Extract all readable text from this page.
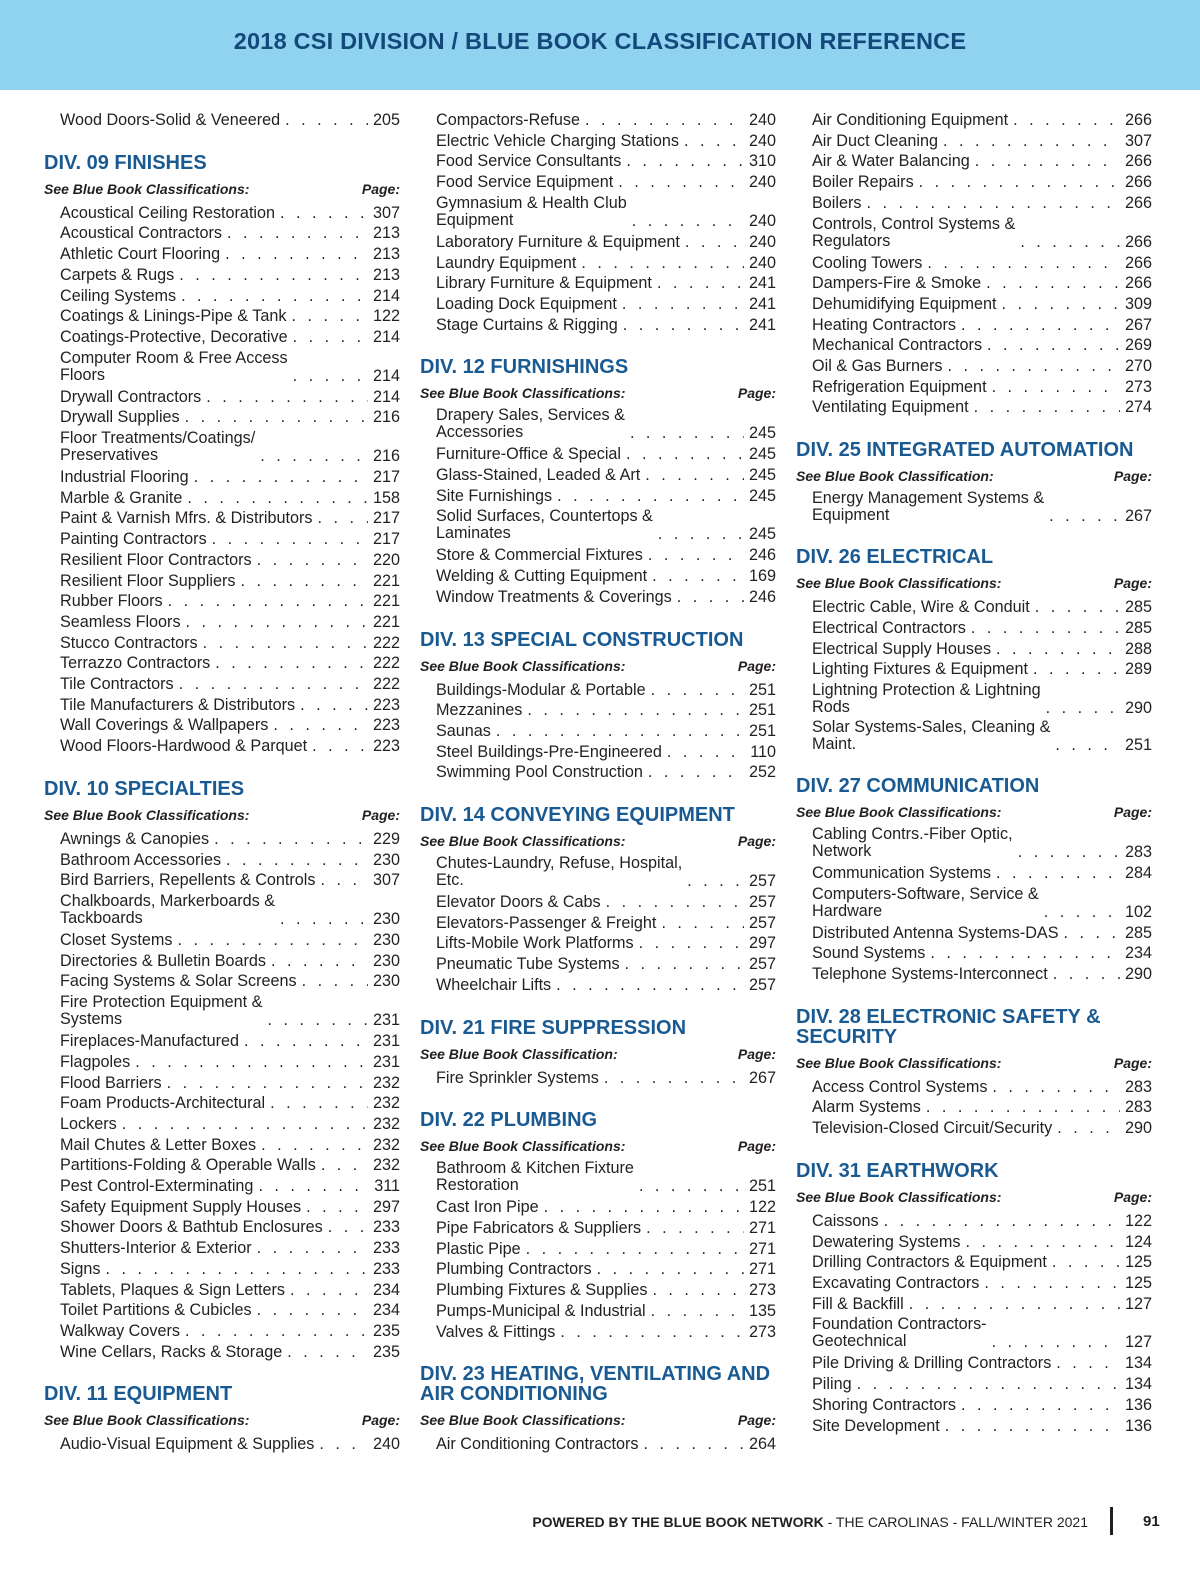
2018 CSI DIVISION / BLUE BOOK CLASSIFICATION REFERENCE
Wood Doors-Solid & Veneered . . .	205
DIV. 09 FINISHES
See Blue Book Classifications:	Page:
Acoustical Ceiling Restoration . . .	307
Acoustical Contractors . . .	213
Athletic Court Flooring . . .	213
Carpets & Rugs . . .	213
Ceiling Systems . . .	214
Coatings & Linings-Pipe & Tank . . .	122
Coatings-Protective, Decorative . . .	214
Computer Room & Free Access
Floors . . .	214
Drywall Contractors . . .	214
Drywall Supplies . . .	216
Floor Treatments/Coatings/
Preservatives . . .	216
Industrial Flooring . . .	217
Marble & Granite . . .	158
Paint & Varnish Mfrs. & Distributors . . .	217
Painting Contractors . . .	217
Resilient Floor Contractors . . .	220
Resilient Floor Suppliers . . .	221
Rubber Floors . . .	221
Seamless Floors . . .	221
Stucco Contractors . . .	222
Terrazzo Contractors . . .	222
Tile Contractors . . .	222
Tile Manufacturers & Distributors . . .	223
Wall Coverings & Wallpapers . . .	223
Wood Floors-Hardwood & Parquet . . .	223
DIV. 10 SPECIALTIES
See Blue Book Classifications:	Page:
Awnings & Canopies . . .	229
Bathroom Accessories . . .	230
Bird Barriers, Repellents & Controls . . .	307
Chalkboards, Markerboards &
Tackboards . . .	230
Closet Systems . . .	230
Directories & Bulletin Boards . . .	230
Facing Systems & Solar Screens . . .	230
Fire Protection Equipment &
Systems . . .	231
Fireplaces-Manufactured . . .	231
Flagpoles . . .	231
Flood Barriers . . .	232
Foam Products-Architectural . . .	232
Lockers . . .	232
Mail Chutes & Letter Boxes . . .	232
Partitions-Folding & Operable Walls . . .	232
Pest Control-Exterminating . . .	311
Safety Equipment Supply Houses . . .	297
Shower Doors & Bathtub Enclosures . . .	233
Shutters-Interior & Exterior . . .	233
Signs . . .	233
Tablets, Plaques & Sign Letters . . .	234
Toilet Partitions & Cubicles . . .	234
Walkway Covers . . .	235
Wine Cellars, Racks & Storage . . .	235
DIV. 11 EQUIPMENT
See Blue Book Classifications:	Page:
Audio-Visual Equipment & Supplies . . .	240
Compactors-Refuse . . .	240
Electric Vehicle Charging Stations . . .	240
Food Service Consultants . . .	310
Food Service Equipment . . .	240
Gymnasium & Health Club
Equipment . . .	240
Laboratory Furniture & Equipment . . .	240
Laundry Equipment . . .	240
Library Furniture & Equipment . . .	241
Loading Dock Equipment . . .	241
Stage Curtains & Rigging . . .	241
DIV. 12 FURNISHINGS
See Blue Book Classifications:	Page:
Drapery Sales, Services &
Accessories . . .	245
Furniture-Office & Special . . .	245
Glass-Stained, Leaded & Art . . .	245
Site Furnishings . . .	245
Solid Surfaces, Countertops &
Laminates . . .	245
Store & Commercial Fixtures . . .	246
Welding & Cutting Equipment . . .	169
Window Treatments & Coverings . . .	246
DIV. 13 SPECIAL CONSTRUCTION
See Blue Book Classifications:	Page:
Buildings-Modular & Portable . . .	251
Mezzanines . . .	251
Saunas . . .	251
Steel Buildings-Pre-Engineered . . .	110
Swimming Pool Construction . . .	252
DIV. 14 CONVEYING EQUIPMENT
See Blue Book Classifications:	Page:
Chutes-Laundry, Refuse, Hospital,
Etc. . . .	257
Elevator Doors & Cabs . . .	257
Elevators-Passenger & Freight . . .	257
Lifts-Mobile Work Platforms . . .	297
Pneumatic Tube Systems . . .	257
Wheelchair Lifts . . .	257
DIV. 21 FIRE SUPPRESSION
See Blue Book Classification:	Page:
Fire Sprinkler Systems . . .	267
DIV. 22 PLUMBING
See Blue Book Classifications:	Page:
Bathroom & Kitchen Fixture
Restoration . . .	251
Cast Iron Pipe . . .	122
Pipe Fabricators & Suppliers . . .	271
Plastic Pipe . . .	271
Plumbing Contractors . . .	271
Plumbing Fixtures & Supplies . . .	273
Pumps-Municipal & Industrial . . .	135
Valves & Fittings . . .	273
DIV. 23 HEATING, VENTILATING AND AIR CONDITIONING
See Blue Book Classifications:	Page:
Air Conditioning Contractors . . .	264
Air Conditioning Equipment . . .	266
Air Duct Cleaning . . .	307
Air & Water Balancing . . .	266
Boiler Repairs . . .	266
Boilers . . .	266
Controls, Control Systems &
Regulators . . .	266
Cooling Towers . . .	266
Dampers-Fire & Smoke . . .	266
Dehumidifying Equipment . . .	309
Heating Contractors . . .	267
Mechanical Contractors . . .	269
Oil & Gas Burners . . .	270
Refrigeration Equipment . . .	273
Ventilating Equipment . . .	274
DIV. 25 INTEGRATED AUTOMATION
See Blue Book Classification:	Page:
Energy Management Systems &
Equipment . . .	267
DIV. 26 ELECTRICAL
See Blue Book Classifications:	Page:
Electric Cable, Wire & Conduit . . .	285
Electrical Contractors . . .	285
Electrical Supply Houses . . .	288
Lighting Fixtures & Equipment . . .	289
Lightning Protection & Lightning
Rods . . .	290
Solar Systems-Sales, Cleaning &
Maint. . . .	251
DIV. 27 COMMUNICATION
See Blue Book Classifications:	Page:
Cabling Contrs.-Fiber Optic,
Network . . .	283
Communication Systems . . .	284
Computers-Software, Service &
Hardware . . .	102
Distributed Antenna Systems-DAS . . .	285
Sound Systems . . .	234
Telephone Systems-Interconnect . . .	290
DIV. 28 ELECTRONIC SAFETY & SECURITY
See Blue Book Classifications:	Page:
Access Control Systems . . .	283
Alarm Systems . . .	283
Television-Closed Circuit/Security . . .	290
DIV. 31 EARTHWORK
See Blue Book Classifications:	Page:
Caissons . . .	122
Dewatering Systems . . .	124
Drilling Contractors & Equipment . . .	125
Excavating Contractors . . .	125
Fill & Backfill . . .	127
Foundation Contractors-
Geotechnical . . .	127
Pile Driving & Drilling Contractors . . .	134
Piling . . .	134
Shoring Contractors . . .	136
Site Development . . .	136
POWERED BY THE BLUE BOOK NETWORK - THE CAROLINAS - FALL/WINTER 2021	91
